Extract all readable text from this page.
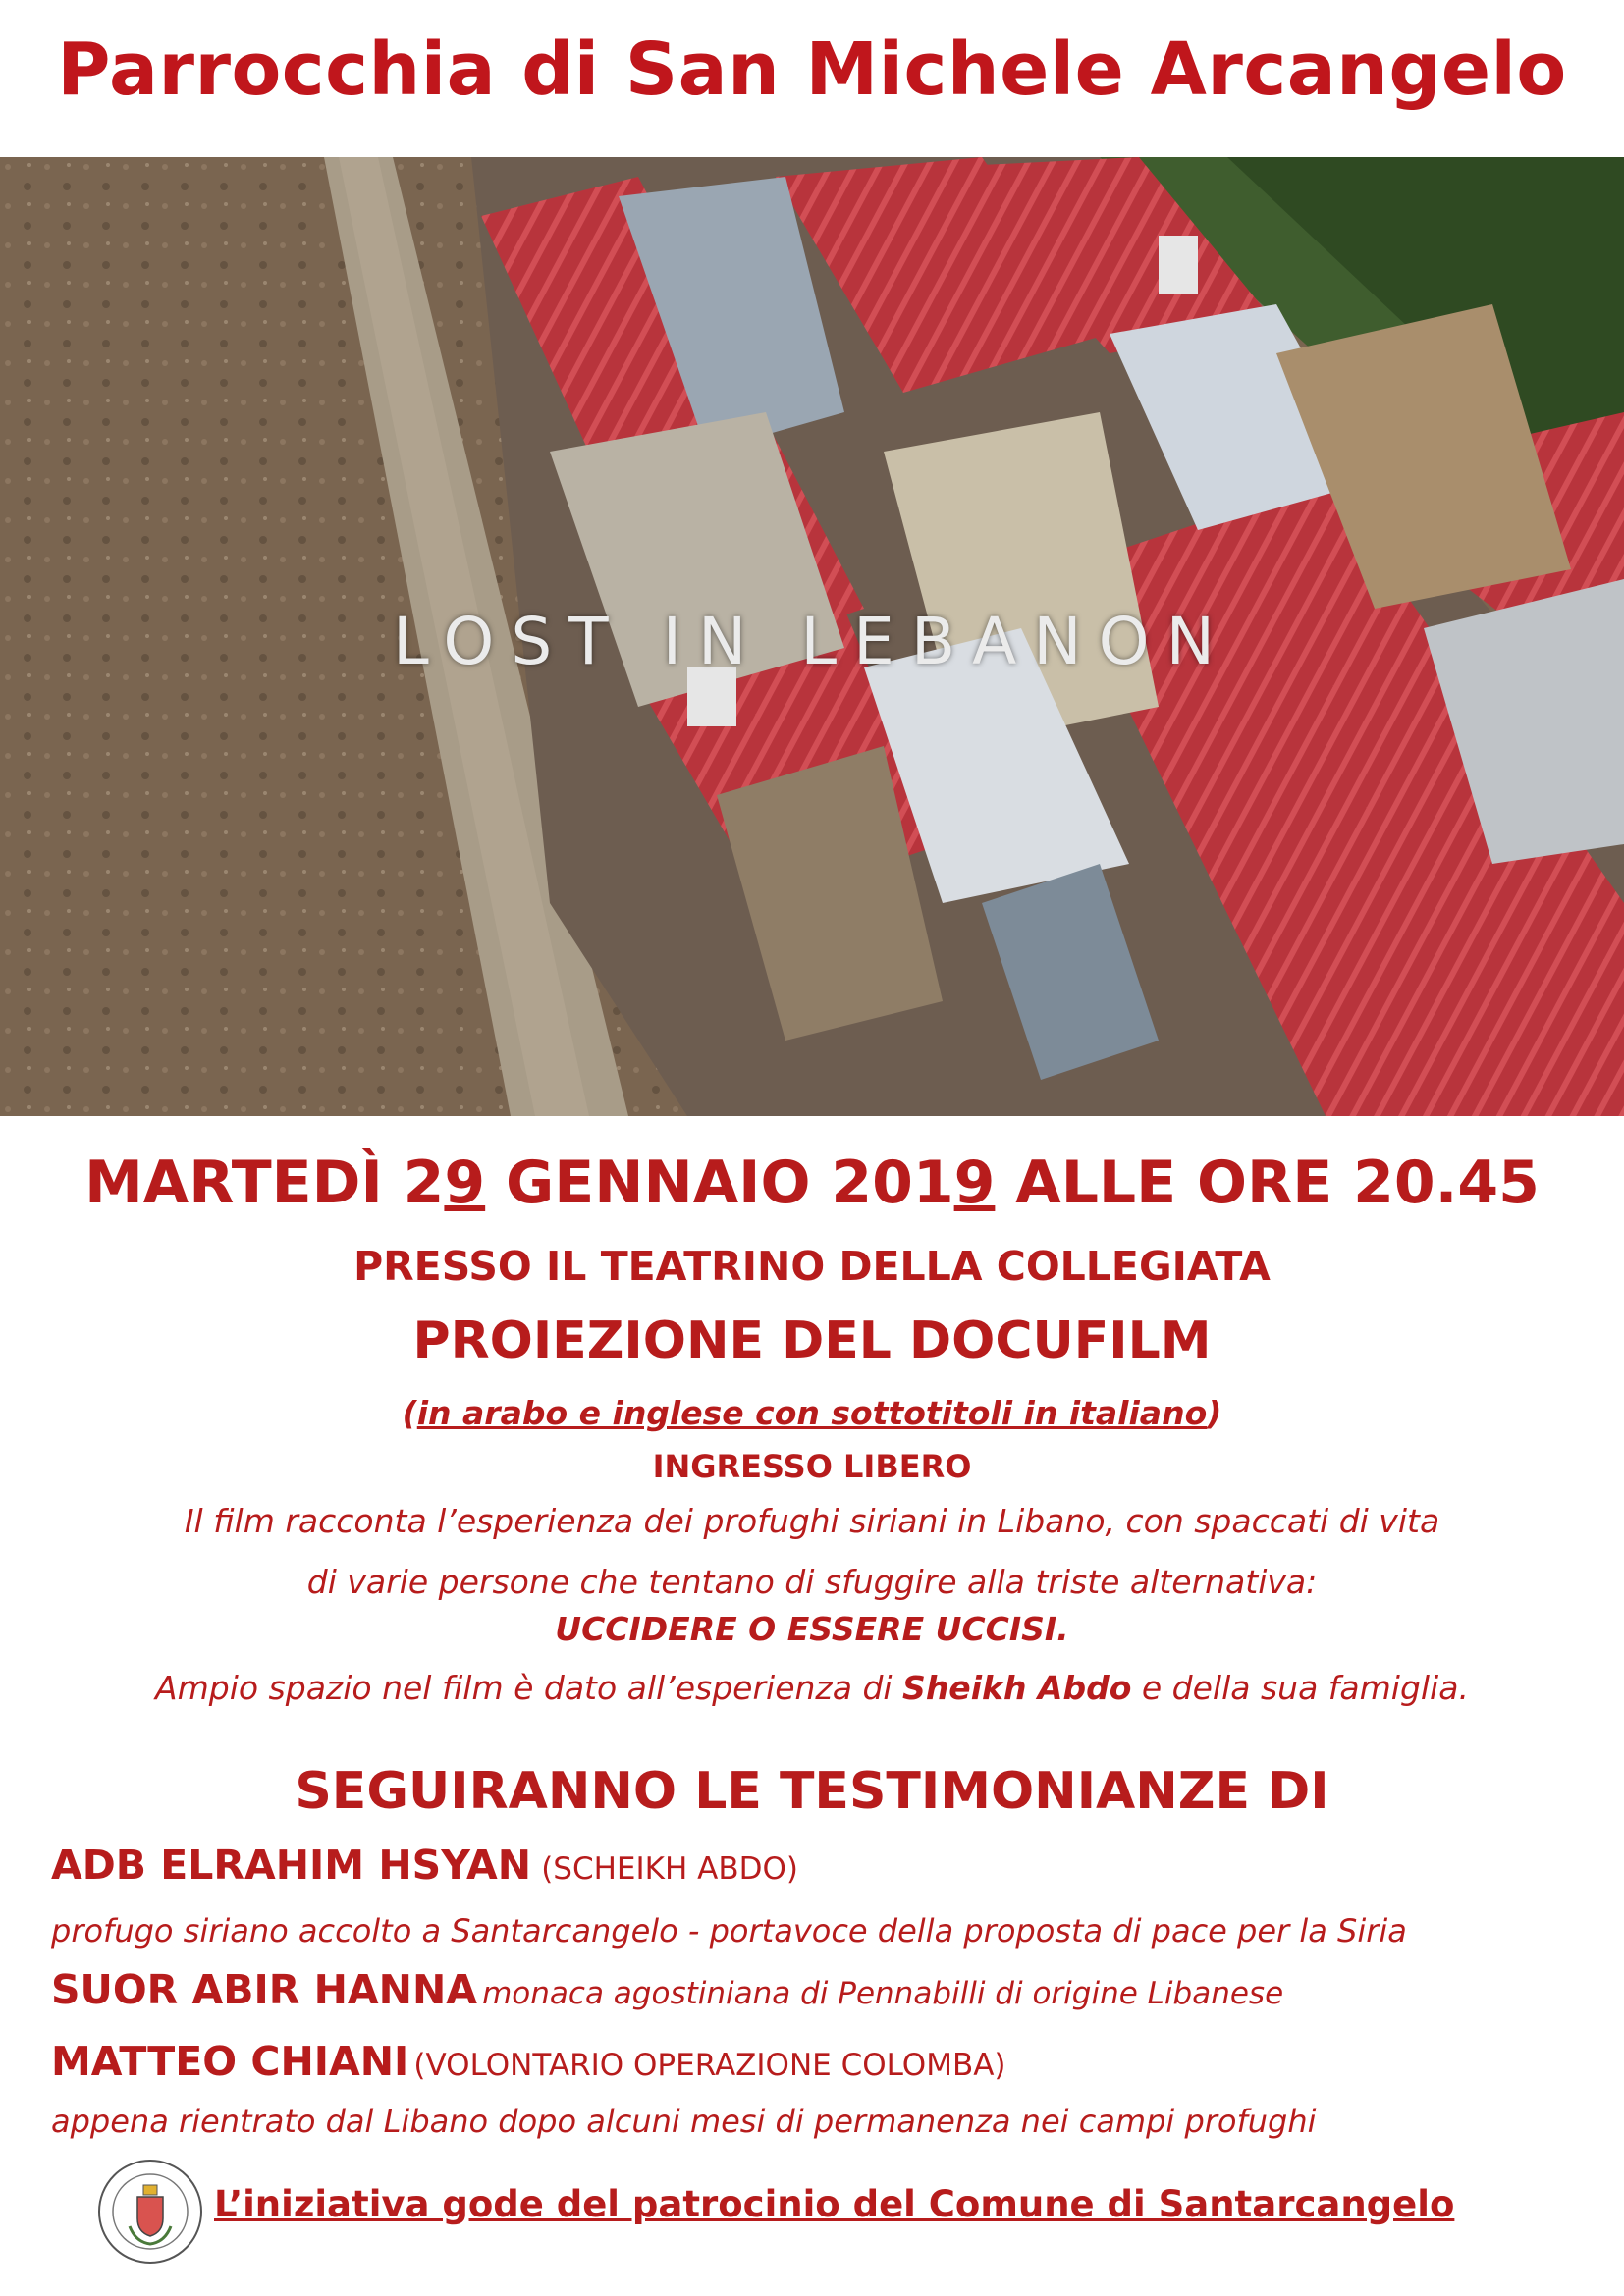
Parrocchia di San Michele Arcangelo
LOST IN LEBANON
MARTEDÌ 29 GENNAIO 2019 ALLE ORE 20.45
PRESSO IL TEATRINO DELLA COLLEGIATA
PROIEZIONE DEL DOCUFILM
(in arabo e inglese con sottotitoli in italiano)
INGRESSO LIBERO
Il film racconta l’esperienza dei profughi siriani in Libano, con spaccati di vita
di varie persone che tentano di sfuggire alla triste alternativa:
UCCIDERE O ESSERE UCCISI.
Ampio spazio nel film è dato all’esperienza di Sheikh Abdo e della sua famiglia.
SEGUIRANNO LE TESTIMONIANZE DI
ADB ELRAHIM HSYAN (SCHEIKH ABDO)
profugo siriano accolto a Santarcangelo - portavoce della proposta di pace per la Siria
SUOR ABIR HANNA monaca agostiniana di Pennabilli di origine Libanese
MATTEO CHIANI (VOLONTARIO OPERAZIONE COLOMBA)
appena rientrato dal Libano dopo alcuni mesi di permanenza nei campi profughi
L’iniziativa gode del patrocinio del Comune di Santarcangelo
